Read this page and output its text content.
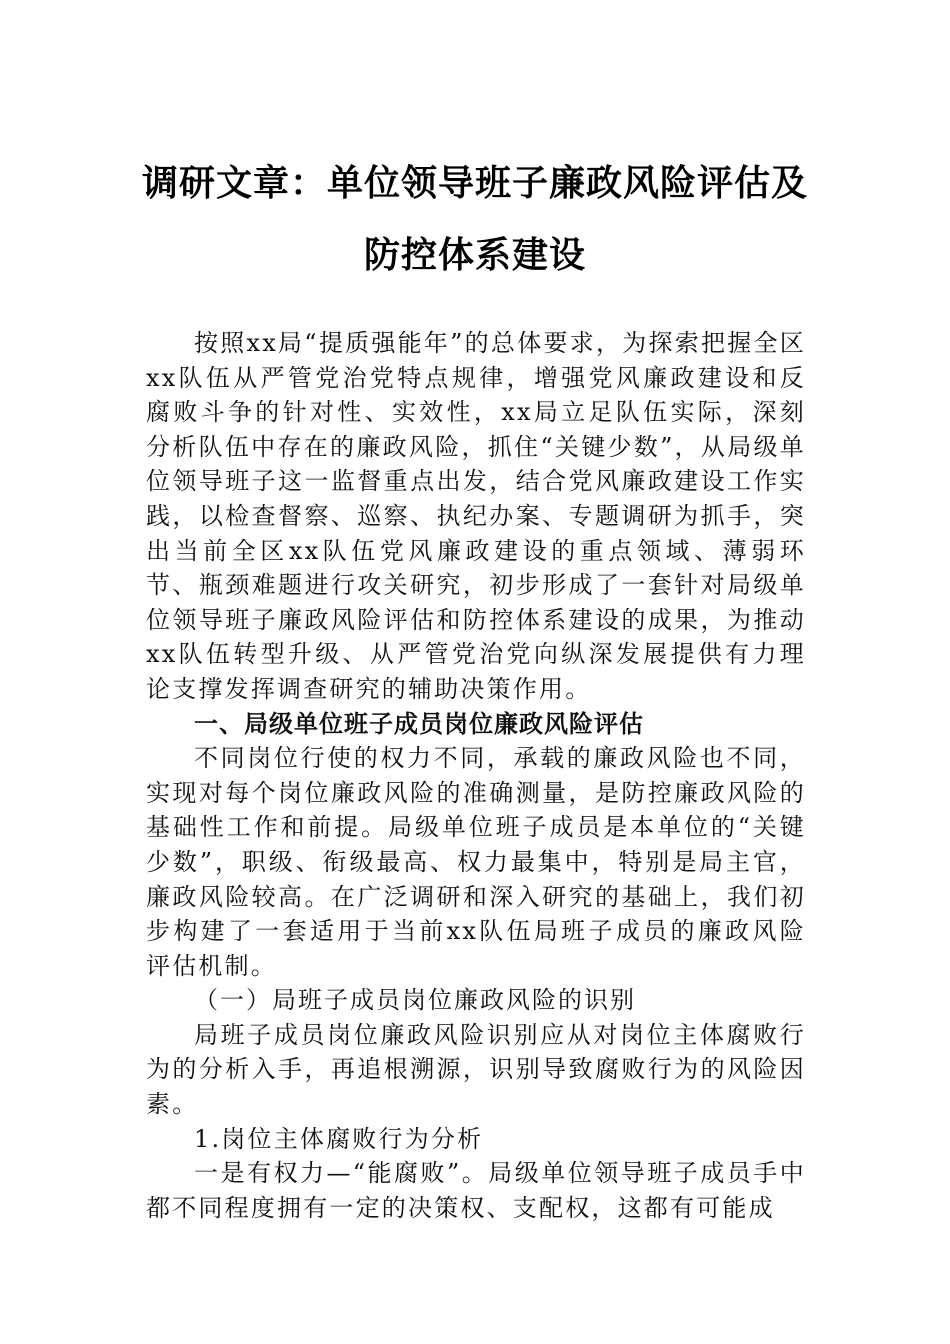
调研文章：单位领导班子廉政风险评估及
防控体系建设

按照xx局“提质强能年”的总体要求，为探索把握全区xx队伍从严管党治党特点规律，增强党风廉政建设和反腐败斗争的针对性、实效性，xx局立足队伍实际，深刻分析队伍中存在的廉政风险，抓住“关键少数”，从局级单位领导班子这一监督重点出发，结合党风廉政建设工作实践，以检查督察、巡察、执纪办案、专题调研为抓手，突出当前全区xx队伍党风廉政建设的重点领域、薄弱环节、瓶颈难题进行攻关研究，初步形成了一套针对局级单位领导班子廉政风险评估和防控体系建设的成果，为推动xx队伍转型升级、从严管党治党向纵深发展提供有力理论支撑发挥调查研究的辅助决策作用。

一、局级单位班子成员岗位廉政风险评估

不同岗位行使的权力不同，承载的廉政风险也不同，实现对每个岗位廉政风险的准确测量，是防控廉政风险的基础性工作和前提。局级单位班子成员是本单位的“关键少数”，职级、衔级最高、权力最集中，特别是局主官，廉政风险较高。在广泛调研和深入研究的基础上，我们初步构建了一套适用于当前xx队伍局班子成员的廉政风险评估机制。

（一）局班子成员岗位廉政风险的识别

局班子成员岗位廉政风险识别应从对岗位主体腐败行为的分析入手，再追根溯源，识别导致腐败行为的风险因素。

1.岗位主体腐败行为分析

一是有权力—“能腐败”。局级单位领导班子成员手中都不同程度拥有一定的决策权、支配权，这都有可能成
